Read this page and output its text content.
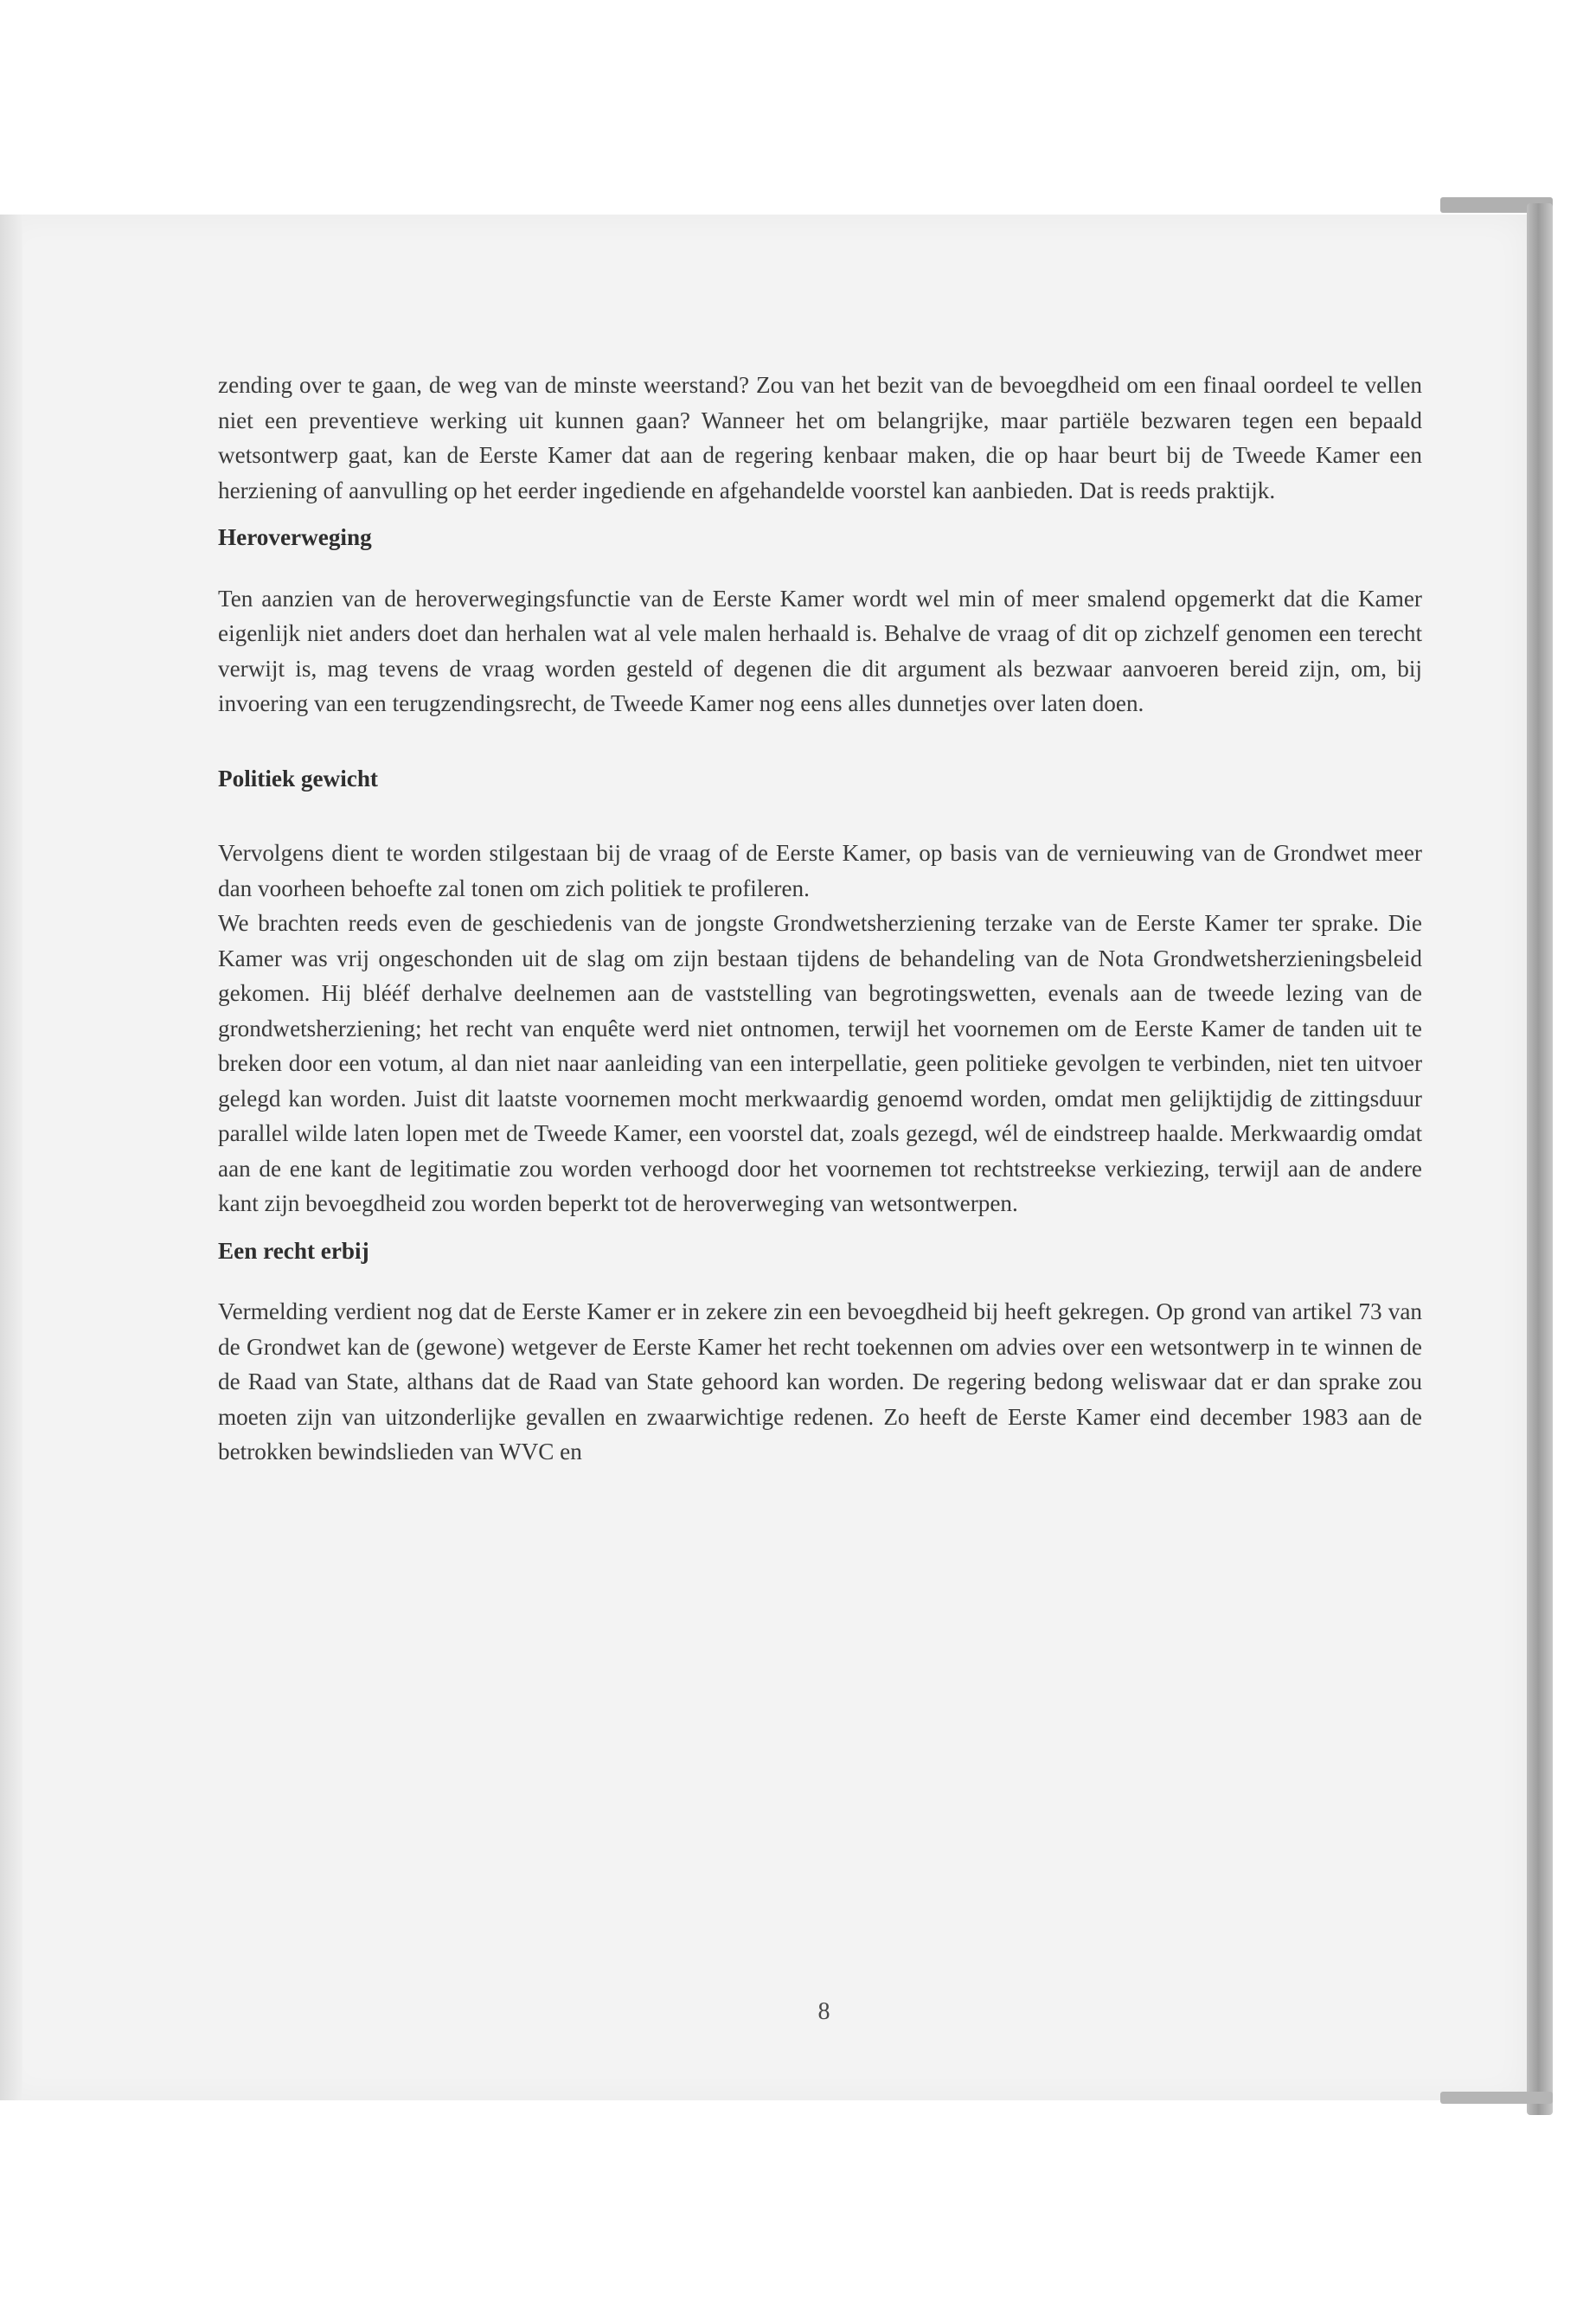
zending over te gaan, de weg van de minste weerstand? Zou van het bezit van de bevoegdheid om een finaal oordeel te vellen niet een preventieve werking uit kunnen gaan? Wanneer het om belangrijke, maar partiële bezwaren tegen een bepaald wetsontwerp gaat, kan de Eerste Kamer dat aan de regering kenbaar maken, die op haar beurt bij de Tweede Kamer een herziening of aanvulling op het eerder ingediende en afgehandelde voorstel kan aanbieden. Dat is reeds praktijk.

Heroverweging

Ten aanzien van de heroverwegingsfunctie van de Eerste Kamer wordt wel min of meer smalend opgemerkt dat die Kamer eigenlijk niet anders doet dan herhalen wat al vele malen herhaald is. Behalve de vraag of dit op zichzelf genomen een terecht verwijt is, mag tevens de vraag worden gesteld of degenen die dit argument als bezwaar aanvoeren bereid zijn, om, bij invoering van een terugzendingsrecht, de Tweede Kamer nog eens alles dunnetjes over laten doen.

Politiek gewicht

Vervolgens dient te worden stilgestaan bij de vraag of de Eerste Kamer, op basis van de vernieuwing van de Grondwet meer dan voorheen behoefte zal tonen om zich politiek te profileren.

We brachten reeds even de geschiedenis van de jongste Grondwetsherziening terzake van de Eerste Kamer ter sprake. Die Kamer was vrij ongeschonden uit de slag om zijn bestaan tijdens de behandeling van de Nota Grondwetsherzieningsbeleid gekomen. Hij blééf derhalve deelnemen aan de vaststelling van begrotingswetten, evenals aan de tweede lezing van de grondwetsherziening; het recht van enquête werd niet ontnomen, terwijl het voornemen om de Eerste Kamer de tanden uit te breken door een votum, al dan niet naar aanleiding van een interpellatie, geen politieke gevolgen te verbinden, niet ten uitvoer gelegd kan worden. Juist dit laatste voornemen mocht merkwaardig genoemd worden, omdat men gelijktijdig de zittingsduur parallel wilde laten lopen met de Tweede Kamer, een voorstel dat, zoals gezegd, wél de eindstreep haalde. Merkwaardig omdat aan de ene kant de legitimatie zou worden verhoogd door het voornemen tot rechtstreekse verkiezing, terwijl aan de andere kant zijn bevoegdheid zou worden beperkt tot de heroverweging van wetsontwerpen.

Een recht erbij

Vermelding verdient nog dat de Eerste Kamer er in zekere zin een bevoegdheid bij heeft gekregen. Op grond van artikel 73 van de Grondwet kan de (gewone) wetgever de Eerste Kamer het recht toekennen om advies over een wetsontwerp in te winnen de de Raad van State, althans dat de Raad van State gehoord kan worden. De regering bedong weliswaar dat er dan sprake zou moeten zijn van uitzonderlijke gevallen en zwaarwichtige redenen. Zo heeft de Eerste Kamer eind december 1983 aan de betrokken bewindslieden van WVC en

8
